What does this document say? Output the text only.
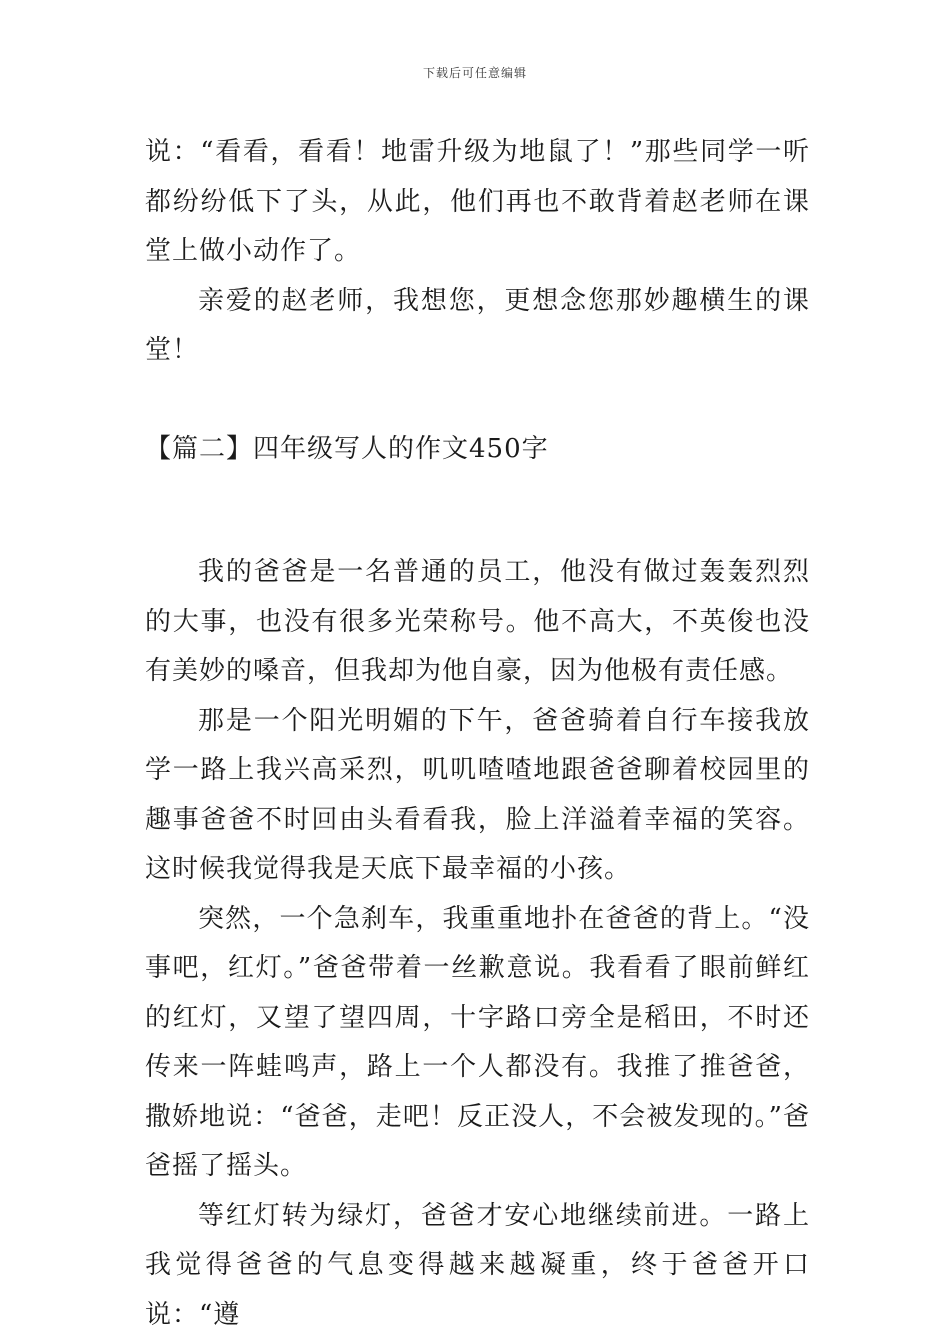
下载后可任意编辑

说：“看看，看看！地雷升级为地鼠了！”那些同学一听都纷纷低下了头，从此，他们再也不敢背着赵老师在课堂上做小动作了。

亲爱的赵老师，我想您，更想念您那妙趣横生的课堂！

【篇二】四年级写人的作文450字

我的爸爸是一名普通的员工，他没有做过轰轰烈烈的大事，也没有很多光荣称号。他不高大，不英俊也没有美妙的嗓音，但我却为他自豪，因为他极有责任感。

那是一个阳光明媚的下午，爸爸骑着自行车接我放学一路上我兴高采烈，叽叽喳喳地跟爸爸聊着校园里的趣事爸爸不时回由头看看我，脸上洋溢着幸福的笑容。这时候我觉得我是天底下最幸福的小孩。

突然，一个急刹车，我重重地扑在爸爸的背上。“没事吧，红灯。”爸爸带着一丝歉意说。我看看了眼前鲜红的红灯，又望了望四周，十字路口旁全是稻田，不时还传来一阵蛙鸣声，路上一个人都没有。我推了推爸爸，撒娇地说：“爸爸，走吧！反正没人，不会被发现的。”爸爸摇了摇头。

等红灯转为绿灯，爸爸才安心地继续前进。一路上我觉得爸爸的气息变得越来越凝重，终于爸爸开口说：“遵
